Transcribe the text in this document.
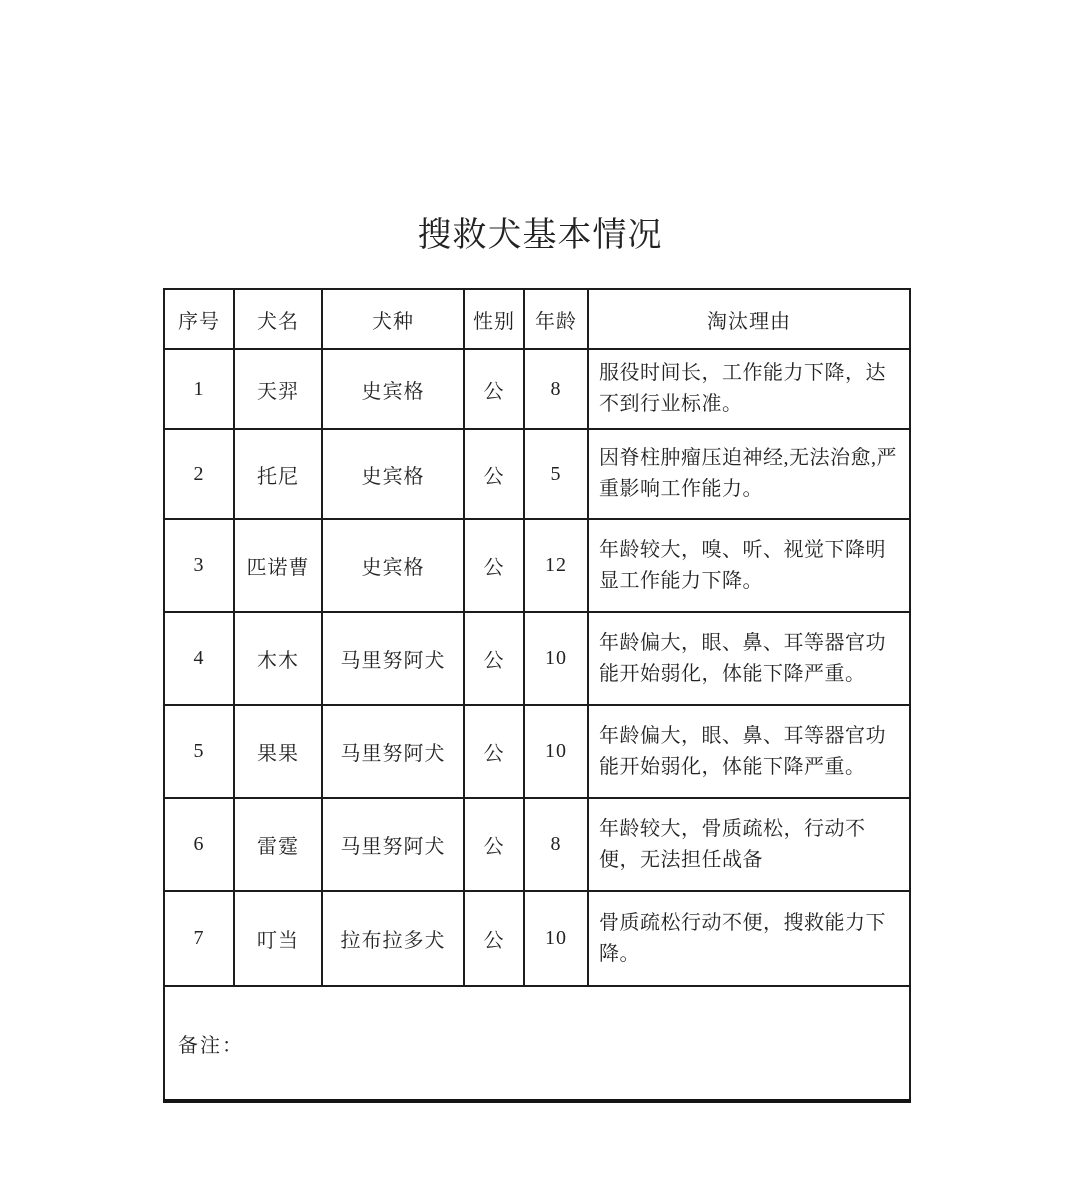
搜救犬基本情况
序号	犬名	犬种	性别	年龄	淘汰理由
1	天羿	史宾格	公	8	服役时间长，工作能力下降，达不到行业标准。
2	托尼	史宾格	公	5	因脊柱肿瘤压迫神经,无法治愈,严重影响工作能力。
3	匹诺曹	史宾格	公	12	年龄较大，嗅、听、视觉下降明显工作能力下降。
4	木木	马里努阿犬	公	10	年龄偏大，眼、鼻、耳等器官功能开始弱化，体能下降严重。
5	果果	马里努阿犬	公	10	年龄偏大，眼、鼻、耳等器官功能开始弱化，体能下降严重。
6	雷霆	马里努阿犬	公	8	年龄较大，骨质疏松，行动不便，无法担任战备
7	叮当	拉布拉多犬	公	10	骨质疏松行动不便，搜救能力下降。
备注：					
